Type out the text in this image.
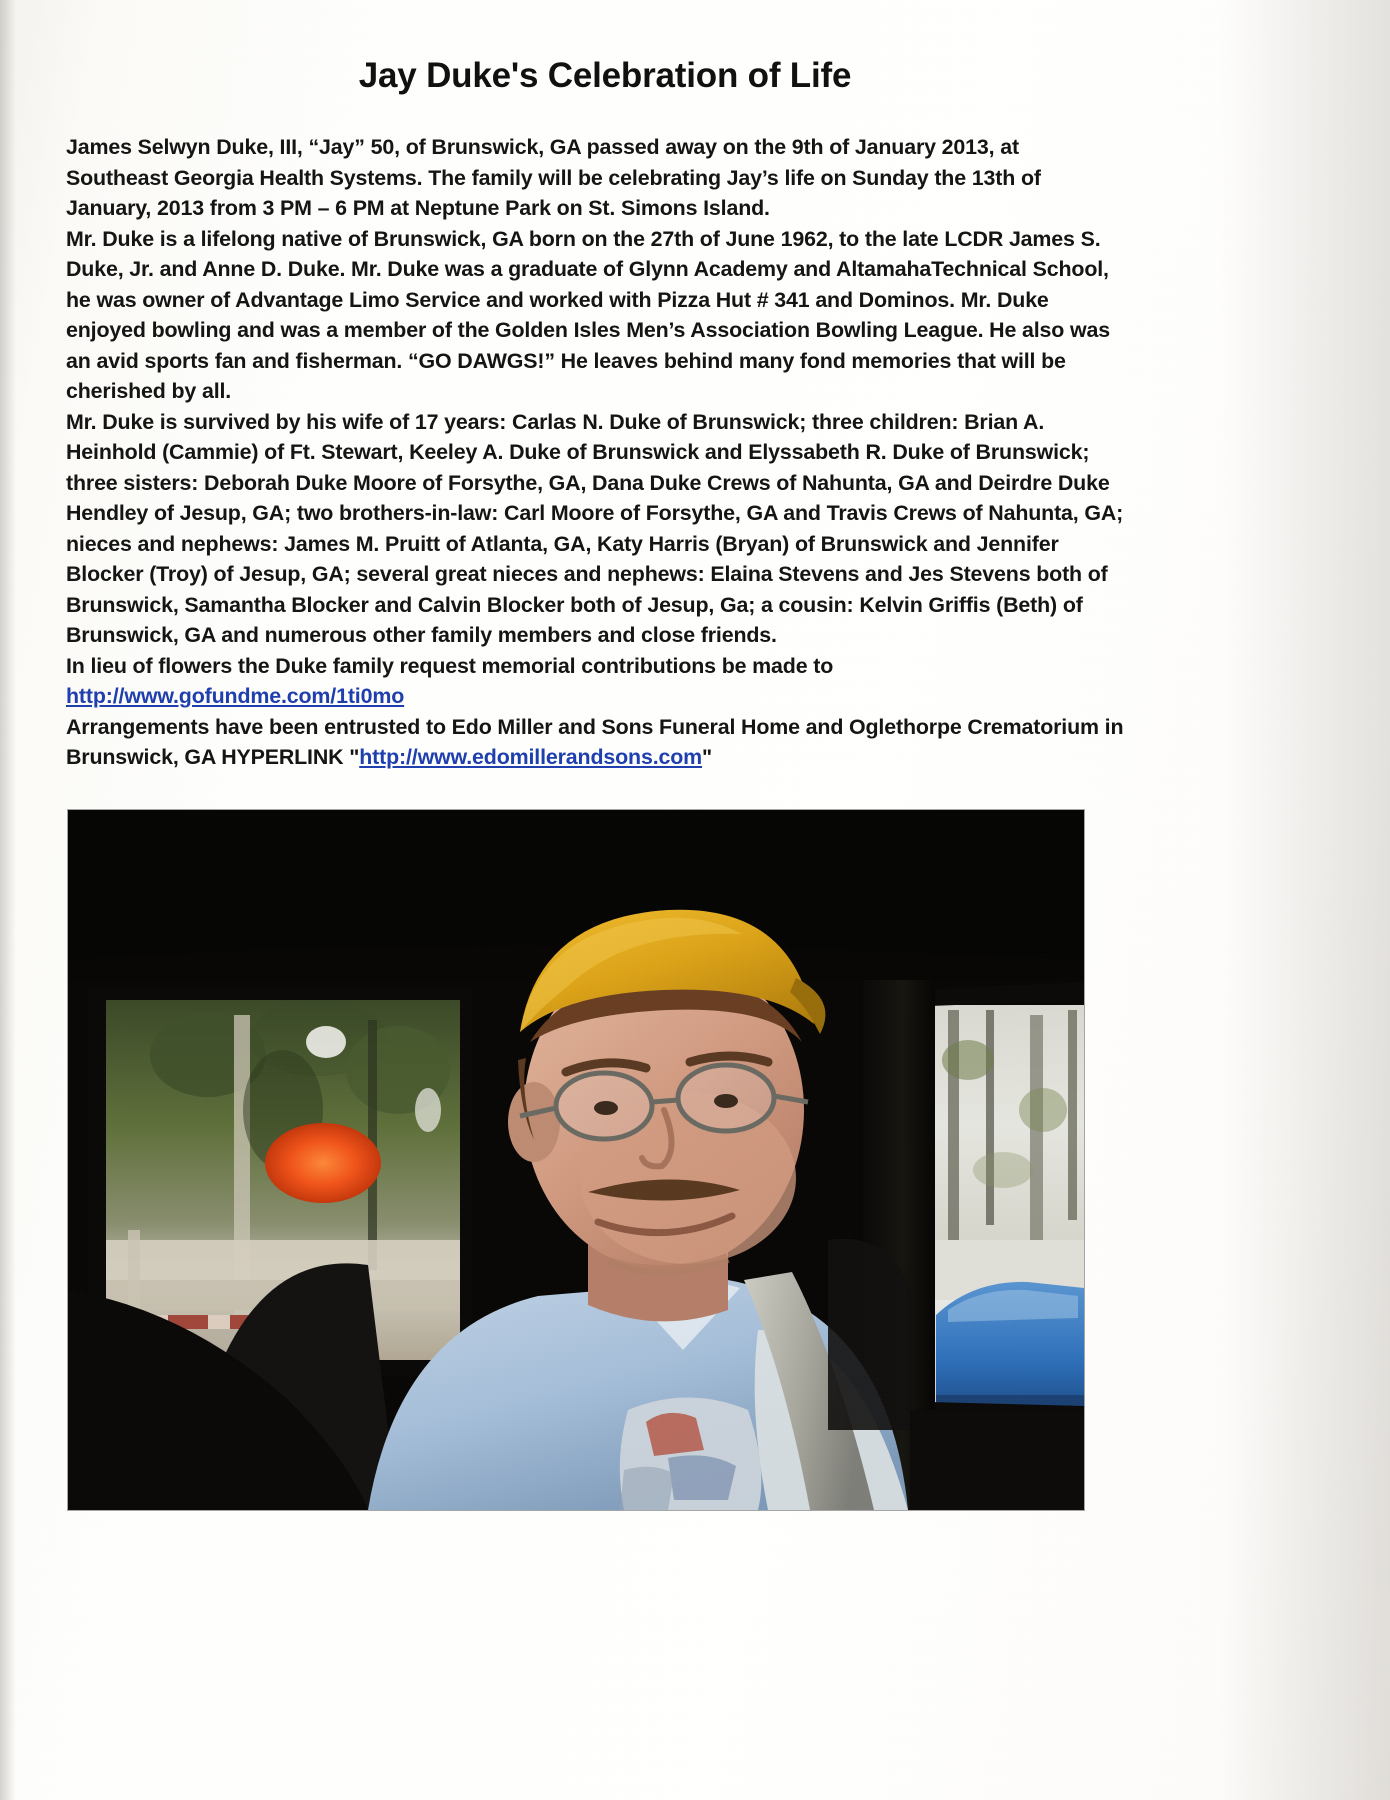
Jay Duke's Celebration of Life

James Selwyn Duke, III, “Jay” 50, of Brunswick, GA passed away on the 9th of January 2013, at Southeast Georgia Health Systems. The family will be celebrating Jay’s life on Sunday the 13th of January, 2013 from 3 PM – 6 PM at Neptune Park on St. Simons Island.

Mr. Duke is a lifelong native of Brunswick, GA born on the 27th of June 1962, to the late LCDR James S. Duke, Jr. and Anne D. Duke. Mr. Duke was a graduate of Glynn Academy and AltamahaTechnical School, he was owner of Advantage Limo Service and worked with Pizza Hut # 341 and Dominos. Mr. Duke enjoyed bowling and was a member of the Golden Isles Men’s Association Bowling League. He also was an avid sports fan and fisherman. “GO DAWGS!” He leaves behind many fond memories that will be cherished by all.

Mr. Duke is survived by his wife of 17 years: Carlas N. Duke of Brunswick; three children: Brian A. Heinhold (Cammie) of Ft. Stewart, Keeley A. Duke of Brunswick and Elyssabeth R. Duke of Brunswick; three sisters: Deborah Duke Moore of Forsythe, GA, Dana Duke Crews of Nahunta, GA and Deirdre Duke Hendley of Jesup, GA; two brothers-in-law: Carl Moore of Forsythe, GA and Travis Crews of Nahunta, GA; nieces and nephews: James M. Pruitt of Atlanta, GA, Katy Harris (Bryan) of Brunswick and Jennifer Blocker (Troy) of Jesup, GA; several great nieces and nephews: Elaina Stevens and Jes Stevens both of Brunswick, Samantha Blocker and Calvin Blocker both of Jesup, Ga; a cousin: Kelvin Griffis (Beth) of Brunswick, GA and numerous other family members and close friends.

In lieu of flowers the Duke family request memorial contributions be made to

http://www.gofundme.com/1ti0mo

Arrangements have been entrusted to Edo Miller and Sons Funeral Home and Oglethorpe Crematorium in Brunswick, GA HYPERLINK "http://www.edomillerandsons.com"
